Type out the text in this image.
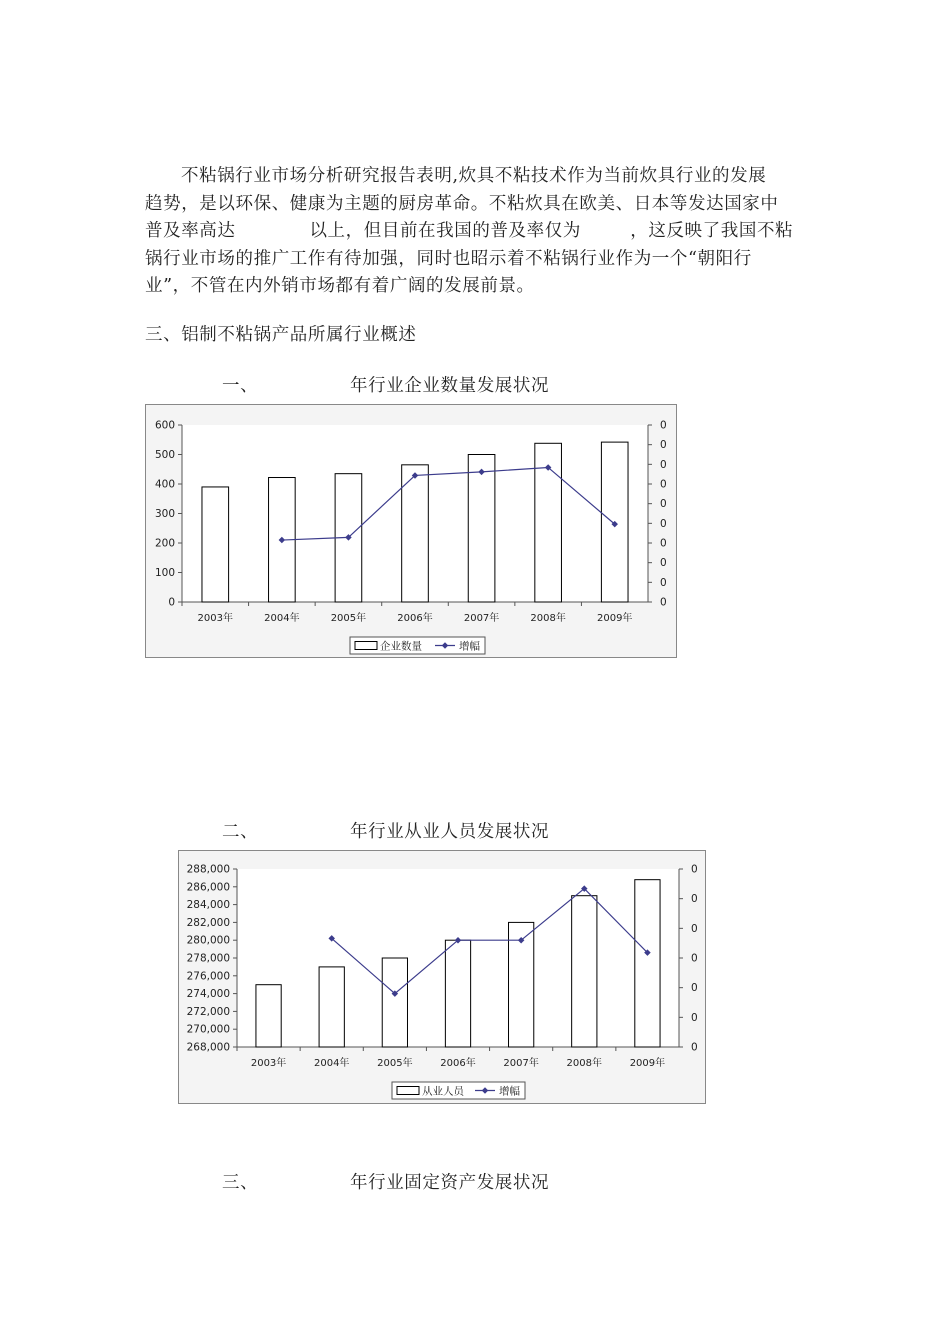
不粘锅行业市场分析研究报告表明,炊具不粘技术作为当前炊具行业的发展
趋势，是以环保、健康为主题的厨房革命。不粘炊具在欧美、日本等发达国家中
普及率高达            以上，但目前在我国的普及率仅为        ，这反映了我国不粘
锅行业市场的推广工作有待加强，同时也昭示着不粘锅行业作为一个“朝阳行
业”，不管在内外销市场都有着广阔的发展前景。
三、铝制不粘锅产品所属行业概述
一、	年行业企业数量发展状况
0
100
200
300
400
500
600
0
0
0
0
0
0
0
0
0
0
2003年	2004年	2005年	2006年	2007年	2008年	2009年
企业数量	增幅
二、	年行业从业人员发展状况
268,000
270,000
272,000
274,000
276,000
278,000
280,000
282,000
284,000
286,000
288,000
0
0
0
0
0
0
0
2003年	2004年	2005年	2006年	2007年	2008年	2009年
从业人员	增幅
三、	年行业固定资产发展状况
